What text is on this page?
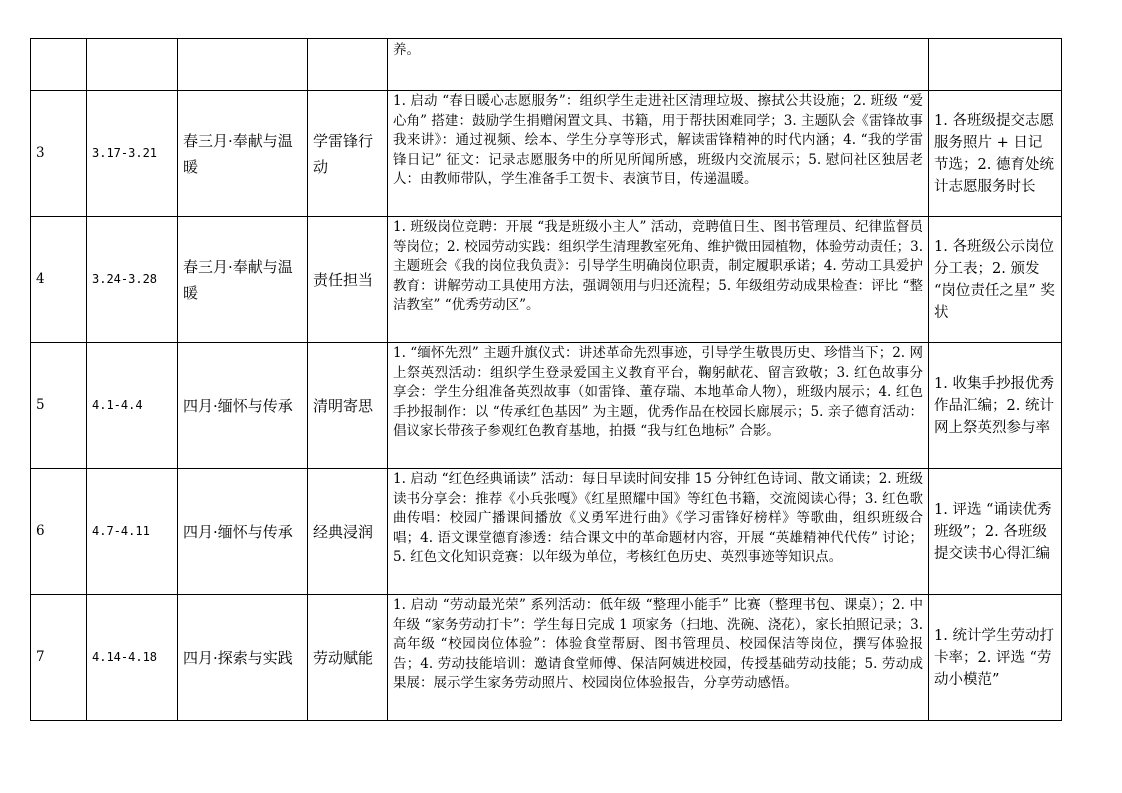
				养。	
3	3.17-3.21	春三月·奉献与温暖	学雷锋行动	1. 启动 “春日暖心志愿服务”：组织学生走进社区清理垃圾、擦拭公共设施；2. 班级 “爱心角” 搭建：鼓励学生捐赠闲置文具、书籍，用于帮扶困难同学；3. 主题队会《雷锋故事我来讲》：通过视频、绘本、学生分享等形式，解读雷锋精神的时代内涵；4. “我的学雷锋日记” 征文：记录志愿服务中的所见所闻所感，班级内交流展示；5. 慰问社区独居老人：由教师带队，学生准备手工贺卡、表演节目，传递温暖。	1. 各班级提交志愿服务照片 + 日记节选；2. 德育处统计志愿服务时长
4	3.24-3.28	春三月·奉献与温暖	责任担当	1. 班级岗位竞聘：开展 “我是班级小主人” 活动，竞聘值日生、图书管理员、纪律监督员等岗位；2. 校园劳动实践：组织学生清理教室死角、维护微田园植物，体验劳动责任；3. 主题班会《我的岗位我负责》：引导学生明确岗位职责，制定履职承诺；4. 劳动工具爱护教育：讲解劳动工具使用方法，强调领用与归还流程；5. 年级组劳动成果检查：评比 “整洁教室” “优秀劳动区”。	1. 各班级公示岗位分工表；2. 颁发 “岗位责任之星” 奖状
5	4.1-4.4	四月·缅怀与传承	清明寄思	1. “缅怀先烈” 主题升旗仪式：讲述革命先烈事迹，引导学生敬畏历史、珍惜当下；2. 网上祭英烈活动：组织学生登录爱国主义教育平台，鞠躬献花、留言致敬；3. 红色故事分享会：学生分组准备英烈故事（如雷锋、董存瑞、本地革命人物），班级内展示；4. 红色手抄报制作：以 “传承红色基因” 为主题，优秀作品在校园长廊展示；5. 亲子德育活动：倡议家长带孩子参观红色教育基地，拍摄 “我与红色地标” 合影。	1. 收集手抄报优秀作品汇编；2. 统计网上祭英烈参与率
6	4.7-4.11	四月·缅怀与传承	经典浸润	1. 启动 “红色经典诵读” 活动：每日早读时间安排 15 分钟红色诗词、散文诵读；2. 班级读书分享会：推荐《小兵张嘎》《红星照耀中国》等红色书籍，交流阅读心得；3. 红色歌曲传唱：校园广播课间播放《义勇军进行曲》《学习雷锋好榜样》等歌曲，组织班级合唱；4. 语文课堂德育渗透：结合课文中的革命题材内容，开展 “英雄精神代代传” 讨论；5. 红色文化知识竞赛：以年级为单位，考核红色历史、英烈事迹等知识点。	1. 评选 “诵读优秀班级”；2. 各班级提交读书心得汇编
7	4.14-4.18	四月·探索与实践	劳动赋能	1. 启动 “劳动最光荣” 系列活动：低年级 “整理小能手” 比赛（整理书包、课桌）；2. 中年级 “家务劳动打卡”：学生每日完成 1 项家务（扫地、洗碗、浇花），家长拍照记录；3. 高年级 “校园岗位体验”：体验食堂帮厨、图书管理员、校园保洁等岗位，撰写体验报告；4. 劳动技能培训：邀请食堂师傅、保洁阿姨进校园，传授基础劳动技能；5. 劳动成果展：展示学生家务劳动照片、校园岗位体验报告，分享劳动感悟。	1. 统计学生劳动打卡率；2. 评选 “劳动小模范”
